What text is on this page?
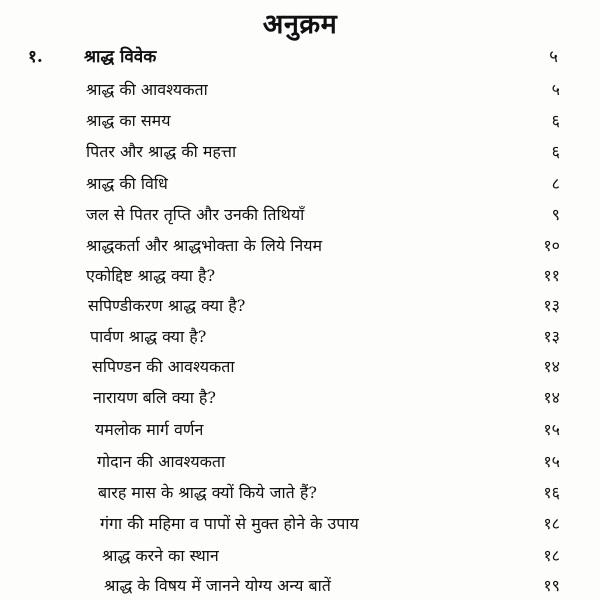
अनुक्रम
१. श्राद्ध विवेक	५
श्राद्ध की आवश्यकता	५
श्राद्ध का समय	६
पितर और श्राद्ध की महत्ता	६
श्राद्ध की विधि	८
जल से पितर तृप्ति और उनकी तिथियाँ	९
श्राद्धकर्ता और श्राद्धभोक्ता के लिये नियम	१०
एकोद्दिष्ट श्राद्ध क्या है?	११
सपिण्डीकरण श्राद्ध क्या है?	१३
पार्वण श्राद्ध क्या है?	१३
सपिण्डन की आवश्यकता	१४
नारायण बलि क्या है?	१४
यमलोक मार्ग वर्णन	१५
गोदान की आवश्यकता	१५
बारह मास के श्राद्ध क्यों किये जाते हैं?	१६
गंगा की महिमा व पापों से मुक्त होने के उपाय	१८
श्राद्ध करने का स्थान	१८
श्राद्ध के विषय में जानने योग्य अन्य बातें	१९
